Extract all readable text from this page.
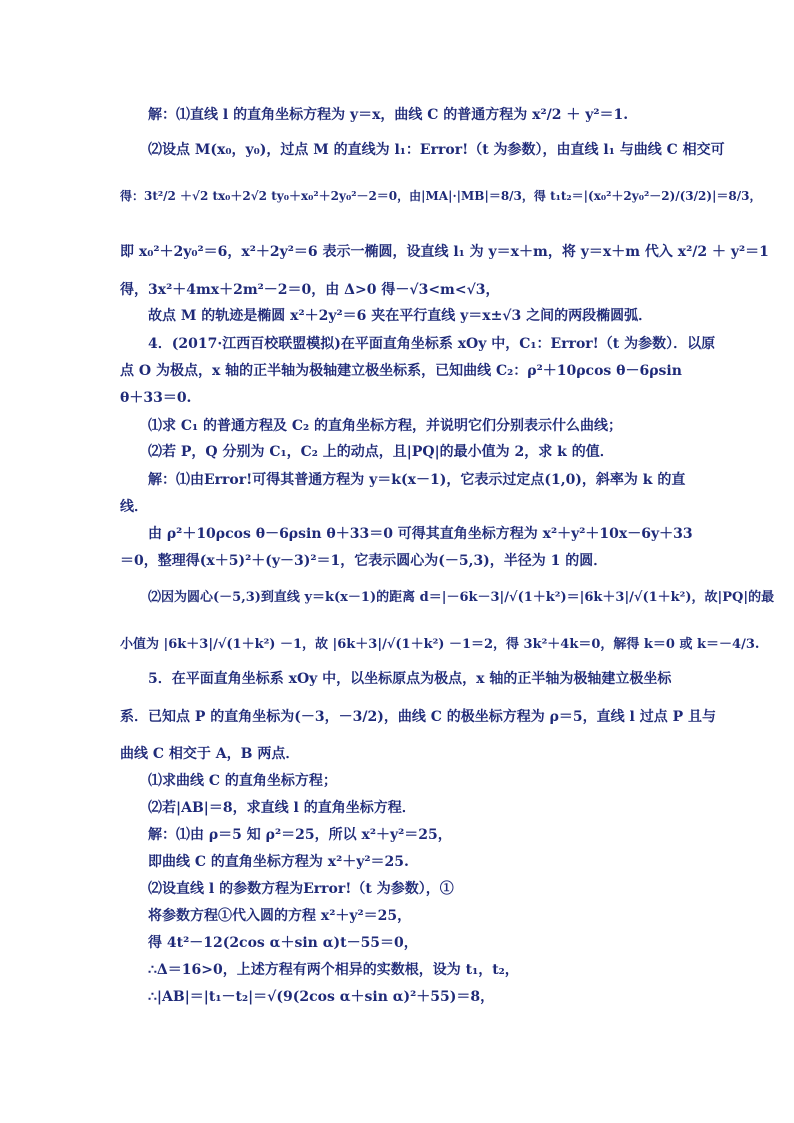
解：⑴直线 l 的直角坐标方程为 y＝x，曲线 C 的普通方程为 x²/2 ＋ y²＝1.
⑵设点 M(x₀，y₀)，过点 M 的直线为 l₁：Error!（t 为参数），由直线 l₁ 与曲线 C 相交可
得：3t²/2 ＋√2 tx₀＋2√2 ty₀＋x₀²＋2y₀²－2＝0，由|MA|·|MB|＝8/3，得 t₁t₂＝|(x₀²＋2y₀²－2)/(3/2)|＝8/3，
即 x₀²＋2y₀²＝6，x²＋2y²＝6 表示一椭圆，设直线 l₁ 为 y＝x＋m，将 y＝x＋m 代入 x²/2 ＋ y²＝1
得，3x²＋4mx＋2m²－2＝0，由 Δ>0 得－√3<m<√3，
故点 M 的轨迹是椭圆 x²＋2y²＝6 夹在平行直线 y＝x±√3 之间的两段椭圆弧．
4．(2017·江西百校联盟模拟)在平面直角坐标系 xOy 中，C₁：Error!（t 为参数）．以原
点 O 为极点，x 轴的正半轴为极轴建立极坐标系，已知曲线 C₂：ρ²＋10ρcos θ－6ρsin
θ＋33＝0.
⑴求 C₁ 的普通方程及 C₂ 的直角坐标方程，并说明它们分别表示什么曲线；
⑵若 P，Q 分别为 C₁，C₂ 上的动点，且|PQ|的最小值为 2，求 k 的值．
解：⑴由Error!可得其普通方程为 y＝k(x－1)，它表示过定点(1,0)，斜率为 k 的直
线．
由 ρ²＋10ρcos θ－6ρsin θ＋33＝0 可得其直角坐标方程为 x²＋y²＋10x－6y＋33
＝0，整理得(x＋5)²＋(y－3)²＝1，它表示圆心为(－5,3)，半径为 1 的圆．
⑵因为圆心(－5,3)到直线 y＝k(x－1)的距离 d＝|－6k－3|/√(1＋k²)＝|6k＋3|/√(1＋k²)，故|PQ|的最
小值为 |6k＋3|/√(1＋k²) －1，故 |6k＋3|/√(1＋k²) －1＝2，得 3k²＋4k＝0，解得 k＝0 或 k＝－4/3.
5．在平面直角坐标系 xOy 中，以坐标原点为极点，x 轴的正半轴为极轴建立极坐标
系．已知点 P 的直角坐标为(－3，－3/2)，曲线 C 的极坐标方程为 ρ＝5，直线 l 过点 P 且与
曲线 C 相交于 A，B 两点．
⑴求曲线 C 的直角坐标方程；
⑵若|AB|＝8，求直线 l 的直角坐标方程．
解：⑴由 ρ＝5 知 ρ²＝25，所以 x²＋y²＝25，
即曲线 C 的直角坐标方程为 x²＋y²＝25.
⑵设直线 l 的参数方程为Error!（t 为参数），①
将参数方程①代入圆的方程 x²＋y²＝25，
得 4t²－12(2cos α＋sin α)t－55＝0，
∴Δ＝16>0，上述方程有两个相异的实数根，设为 t₁，t₂，
∴|AB|＝|t₁－t₂|＝√(9(2cos α＋sin α)²＋55)＝8，
